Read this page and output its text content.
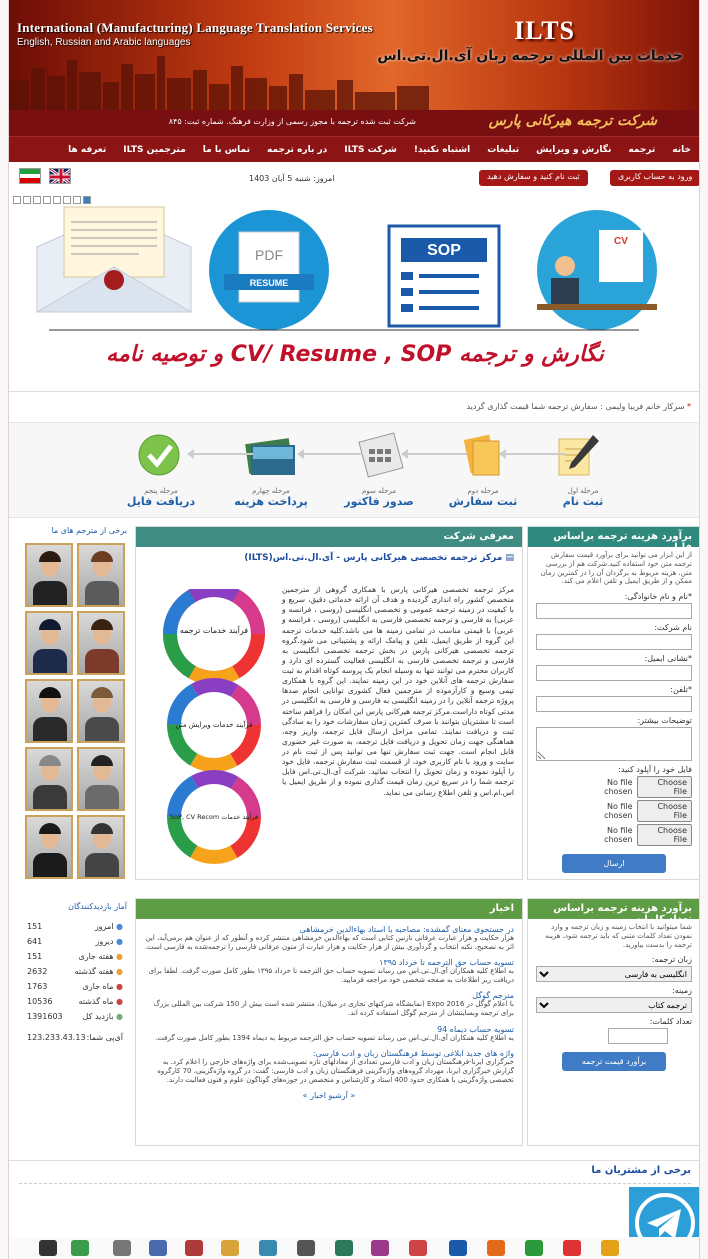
International (Manufacturing) Language Translation Services
English, Russian and Arabic languages	ILTS
خدمات بین المللی ترجمه زبان آی.ال.تی.اس
شرکت ترجمه هیرکانی پارس
شرکت ثبت شده ترجمه با مجوز رسمی از وزارت فرهنگ. شماره ثبت: ۸۴۵
خانه
ترجمه
نگارش و ویرایش
تبلیغات
اشتباه نکنید!
شرکت ILTS
در باره ترجمه
تماس با ما
مترجمین ILTS
تعرفه ها
امروز: شنبه 5 آبان 1403	ثبت نام کنید و سفارش دهید	ورود به حساب کاربری
PDF
RESUME
SOP
CV
نگارش و ترجمه CV/ Resume , SOP و توصیه نامه
* سرکار خانم فریبا ولیمی : سفارش ترجمه شما قیمت گذاری گردید
مرحله اول
ثبت نام
مرحله دوم
ثبت سفارش
مرحله سوم
صدور فاکتور
مرحله چهارم
پرداخت هزینه
مرحله پنجم
دریافت فایل
برآورد هزینه ترجمه براساس فایل
از این ابزار می توانید برای برآورد قیمت سفارش ترجمه متن خود استفاده کنید.شرکت هم از بررسی متن، هزینه مربوط به برگردان آن را در کمترین زمان ممکن و از طریق ایمیل و تلفن اعلام می کند.
*نام و نام خانوادگی:
نام شرکت:
*نشانی ایمیل:
*تلفن:
توضیحات بیشتر:
فایل خود را آپلود کنید:
No file chosen
Choose File
No file chosen
Choose File
No file chosen
Choose File
ارسال
معرفی شرکت
▤ مرکز ترجمه تخصصی هیرکانی پارس - آی.ال.تی.اس(ILTS)
مرکز ترجمه تخصصی هیرکانی پارس با همکاری گروهی از مترجمین متخصص کشور راه اندازی گردیده و هدف آن ارائه خدماتی دقیق، سریع و با کیفیت در زمینه ترجمه عمومی و تخصصی انگلیسی (روسی ، فرانسه و عربی) به فارسی و ترجمه تخصصی فارسی به انگلیسی (روسی ، فرانسه و عربی) با قیمتی مناسب در تمامی زمینه ها می باشد.کلیه خدمات ترجمه این گروه از طریق ایمیل، تلفن و پیامک ارائه و پشتیبانی می شود.گروه ترجمه تخصصی هیرکانی پارس در بخش ترجمه تخصصی انگلیسی به فارسی و ترجمه تخصصی فارسی به انگلیسی فعالیت گسترده ای دارد و کاربران محترم می توانند تنها به وسیله انجام یک پروسه کوتاه اقدام به ثبت سفارش ترجمه های آنلاین خود در این زمینه نمایند. این گروه با همکاری تیمی وسیع و کارآزموده از مترجمین فعال کشوری توانایی انجام صدها پروژه ترجمه آنلاین را در زمینه انگلیسی به فارسی و فارسی به انگلیسی در مدتی کوتاه داراست.مرکز ترجمه هیرکانی پارس این امکان را فراهم ساخته است تا مشتریان بتوانند با صرف کمترین زمان سفارشات خود را به سادگی ثبت و دریافت نمایند. تمامی مراحل ارسال فایل ترجمه، واریز وجه، هماهنگی جهت زمان تحویل و دریافت فایل ترجمه، به صورت غیر حضوری قابل انجام است. جهت ثبت سفارش تنها می توانید پس از ثبت نام در سایت و ورود با نام کاربری خود، از قسمت ثبت سفارش ترجمه، فایل خود را آپلود نموده و زمان تحویل را انتخاب نمائید. شرکت آی.ال.تی.اس فایل ترجمه شما را در سریع ترین زمان قیمت گذاری نموده و از طریق ایمیل یا اس.ام.اس و تلفن اطلاع رسانی می نماید.
فرآیند خدمات ترجمه
فرآیند خدمات ویرایش متن
فرآیند خدمات SoP, CV Recom
برخی از مترجم های ما
آمار بازدیدکنندگان
● امروز
151
● دیروز
641
● هفته جاری
151
● هفته گذشته
2632
● ماه جاری
1763
● ماه گذشته
10536
● بازدید کل
1391603
آی‌پی شما:
123.233.43.13
اخبار
در جستجوی معنای گمشده: مصاحبه با استاد بهاءالدین خرمشاهی
هزار حکایت و هزار عبارت عرفانی نازنین کتابی است که بهاءالدین خرمشاهی منتشر کرده و آنطور که از عنوان هم برمی‌آید، این اثر به تصحیح، نکته انتخاب و گردآوری بیش از هزار حکایت و هزار عبارت از متون عرفانی فارسی را ترجمه‌شده به فارسی است.
تسویه حساب حق الترجمه تا خرداد ۱۳۹۵
به اطلاع کلیه همکاران آی.ال.تی.اس می رساند تسویه حساب حق الترجمه تا خرداد ۱۳۹۵ بطور کامل صورت گرفت. لطفا برای دریافت ریز اطلاعات به صفحه شخصی خود مراجعه فرمایید.
مترجم گوگل
با اعلام گوگل در Expo 2016 (نمایشگاه شرکتهای تجاری در میلان)، منتشر شده است بیش از 150 شرکت بین المللی بزرگ برای ترجمه وبسایتشان از مترجم گوگل استفاده کرده اند.
تسویه حساب دیماه 94
به اطلاع کلیه همکاران آی.ال.تی.اس می رساند تسویه حساب حق الترجمه مربوط به دیماه 1394 بطور کامل صورت گرفت.
واژه های جدید ابلاغی توسط فرهنگستان زبان و ادب فارسی:
خبرگزاری ایرنا-فرهنگستان زبان و ادب فارسی تعدادی از معادلهای تازه تصویب‌شده برای واژه‌های خارجی را اعلام کرد. به گزارش خبرگزاری ایرنا، مهرداد گروه‌های واژه‌گزینی فرهنگستان زبان و ادب فارسی: گفت: در گروه واژه‌گزینی، 70 کارگروه تخصصی واژه‌گزینی با همکاری حدود 400 استاد و کارشناس و متخصص در حوزه‌های گوناگون علوم و فنون فعالیت دارند.
« آرشیو اخبار »
برآورد هزینه ترجمه براساس تعداد کلمات
شما میتوانید با انتخاب زمینه و زبان ترجمه و وارد نمودن تعداد کلمات متنی که باید ترجمه شود، هزینه ترجمه را بدست بیاورید.
زبان ترجمه:
انگلیسی به فارسی
زمینه:
ترجمه کتاب
تعداد کلمات:
برآورد قیمت ترجمه
برخی از مشتریان ما
